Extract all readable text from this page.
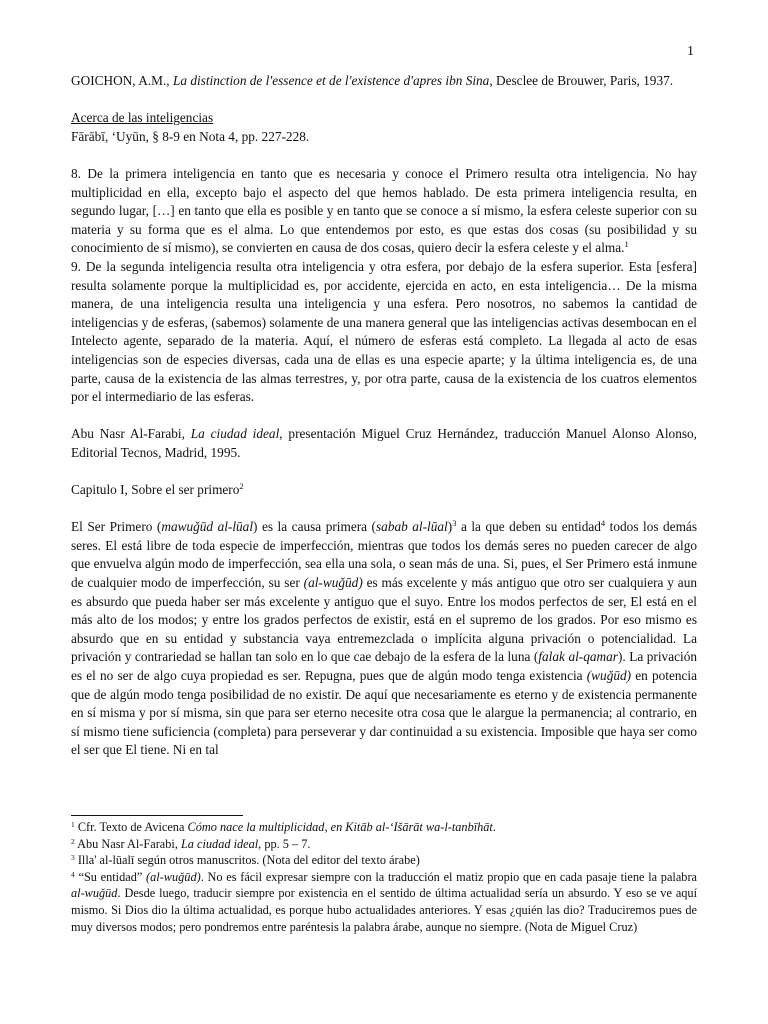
1

GOICHON, A.M., La distinction de l'essence et de l'existence d'apres ibn Sina, Desclee de Brouwer, Paris, 1937.

Acerca de las inteligencias

Fārābī, ʻUyūn, § 8-9 en Nota 4, pp. 227-228.

8. De la primera inteligencia en tanto que es necesaria y conoce el Primero resulta otra inteligencia. No hay multiplicidad en ella, excepto bajo el aspecto del que hemos hablado. De esta primera inteligencia resulta, en segundo lugar, […] en tanto que ella es posible y en tanto que se conoce a sí mismo, la esfera celeste superior con su materia y su forma que es el alma. Lo que entendemos por esto, es que estas dos cosas (su posibilidad y su conocimiento de sí mismo), se convierten en causa de dos cosas, quiero decir la esfera celeste y el alma.$^1$

9. De la segunda inteligencia resulta otra inteligencia y otra esfera, por debajo de la esfera superior. Esta [esfera] resulta solamente porque la multiplicidad es, por accidente, ejercida en acto, en esta inteligencia… De la misma manera, de una inteligencia resulta una inteligencia y una esfera. Pero nosotros, no sabemos la cantidad de inteligencias y de esferas, (sabemos) solamente de una manera general que las inteligencias activas desembocan en el Intelecto agente, separado de la materia. Aquí, el número de esferas está completo. La llegada al acto de esas inteligencias son de especies diversas, cada una de ellas es una especie aparte; y la última inteligencia es, de una parte, causa de la existencia de las almas terrestres, y, por otra parte, causa de la existencia de los cuatros elementos por el intermediario de las esferas.

Abu Nasr Al-Farabi, La ciudad ideal, presentación Miguel Cruz Hernández, traducción Manuel Alonso Alonso, Editorial Tecnos, Madrid, 1995.

Capitulo I, Sobre el ser primero$^2$

El Ser Primero (mawuǧūd al-lūal) es la causa primera (sabab al-lūal)$^3$ a la que deben su entidad$^4$ todos los demás seres. El está libre de toda especie de imperfección, mientras que todos los demás seres no pueden carecer de algo que envuelva algún modo de imperfección, sea ella una sola, o sean más de una. Si, pues, el Ser Primero está inmune de cualquier modo de imperfección, su ser (al-wuǧūd) es más excelente y más antiguo que otro ser cualquiera y aun es absurdo que pueda haber ser más excelente y antiguo que el suyo. Entre los modos perfectos de ser, El está en el más alto de los modos; y entre los grados perfectos de existir, está en el supremo de los grados. Por eso mismo es absurdo que en su entidad y substancia vaya entremezclada o implícita alguna privación o potencialidad. La privación y contrariedad se hallan tan solo en lo que cae debajo de la esfera de la luna (falak al-qamar). La privación es el no ser de algo cuya propiedad es ser. Repugna, pues que de algún modo tenga existencia (wuǧūd) en potencia que de algún modo tenga posibilidad de no existir. De aquí que necesariamente es eterno y de existencia permanente en sí misma y por sí misma, sin que para ser eterno necesite otra cosa que le alargue la permanencia; al contrario, en sí mismo tiene suficiencia (completa) para perseverar y dar continuidad a su existencia. Imposible que haya ser como el ser que El tiene. Ni en tal

$^1$ Cfr. Texto de Avicena Cómo nace la multiplicidad, en Kitāb al-ʻIšārāt wa-l-tanbīhāt.

$^2$ Abu Nasr Al-Farabi, La ciudad ideal, pp. 5 – 7.

$^3$ Illa' al-lūalī según otros manuscritos. (Nota del editor del texto árabe)

$^4$ “Su entidad” (al-wuǧūd). No es fácil expresar siempre con la traducción el matiz propio que en cada pasaje tiene la palabra al-wuǧūd. Desde luego, traducir siempre por existencia en el sentido de última actualidad sería un absurdo. Y eso se ve aquí mismo. Si Dios dio la última actualidad, es porque hubo actualidades anteriores. Y esas ¿quién las dio? Traduciremos pues de muy diversos modos; pero pondremos entre paréntesis la palabra árabe, aunque no siempre. (Nota de Miguel Cruz)
